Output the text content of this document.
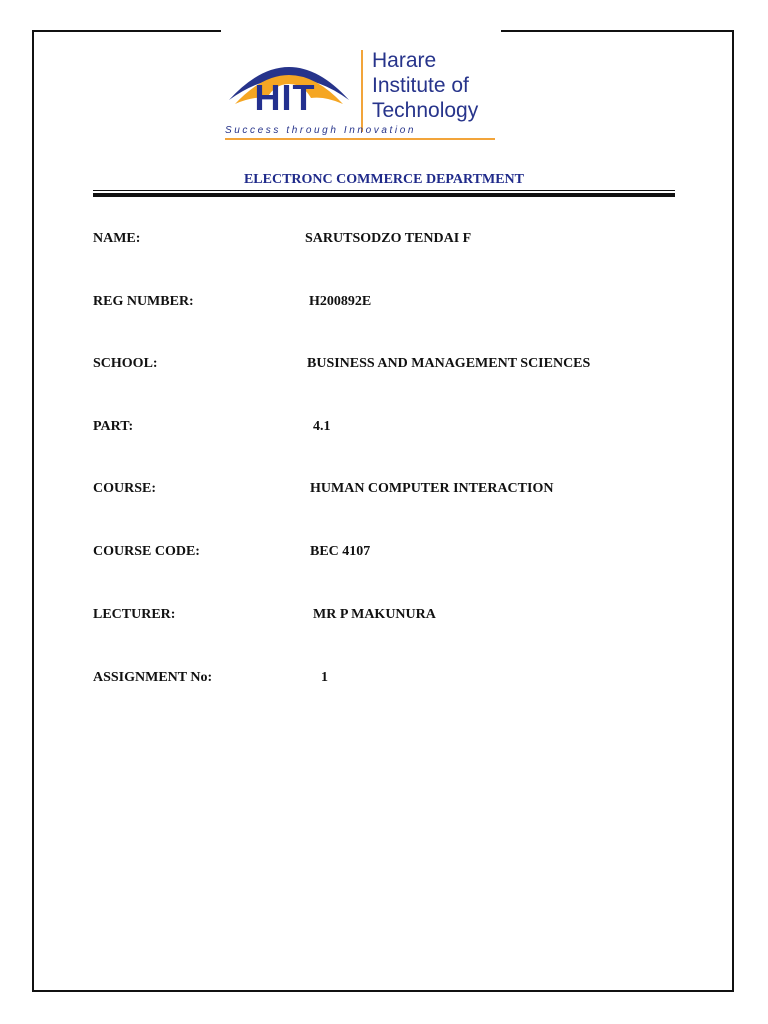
HIT
Harare
Institute of
Technology
Success through Innovation
ELECTRONC COMMERCE DEPARTMENT
NAME:	SARUTSODZO TENDAI F
REG NUMBER:	H200892E
SCHOOL:	BUSINESS AND MANAGEMENT SCIENCES
PART:	4.1
COURSE:	HUMAN COMPUTER INTERACTION
COURSE CODE:	BEC 4107
LECTURER:	MR P MAKUNURA
ASSIGNMENT No:	1
